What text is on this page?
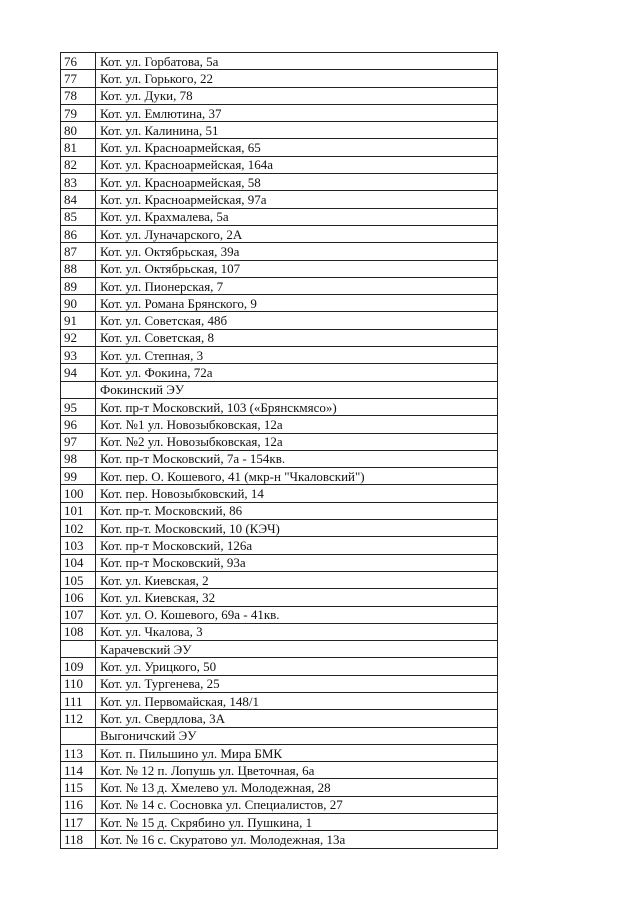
76	Кот. ул. Горбатова, 5а
77	Кот. ул. Горького, 22
78	Кот. ул. Дуки, 78
79	Кот. ул. Емлютина, 37
80	Кот. ул. Калинина, 51
81	Кот. ул. Красноармейская, 65
82	Кот. ул. Красноармейская, 164а
83	Кот. ул. Красноармейская, 58
84	Кот. ул. Красноармейская, 97а
85	Кот. ул. Крахмалева, 5а
86	Кот. ул. Луначарского, 2А
87	Кот. ул. Октябрьская, 39а
88	Кот. ул. Октябрьская, 107
89	Кот. ул. Пионерская, 7
90	Кот. ул. Романа Брянского, 9
91	Кот. ул. Советская, 48б
92	Кот. ул. Советская, 8
93	Кот. ул. Степная, 3
94	Кот. ул. Фокина, 72а
	Фокинский ЭУ
95	Кот. пр-т Московский, 103 («Брянскмясо»)
96	Кот. №1 ул. Новозыбковская, 12а
97	Кот. №2 ул. Новозыбковская, 12а
98	Кот. пр-т Московский, 7а - 154кв.
99	Кот. пер. О. Кошевого, 41 (мкр-н "Чкаловский")
100	Кот. пер. Новозыбковский, 14
101	Кот. пр-т. Московский, 86
102	Кот. пр-т. Московский, 10 (КЭЧ)
103	Кот. пр-т Московский, 126а
104	Кот. пр-т Московский, 93а
105	Кот. ул. Киевская, 2
106	Кот. ул. Киевская, 32
107	Кот. ул. О. Кошевого, 69а - 41кв.
108	Кот. ул. Чкалова, 3
	Карачевский ЭУ
109	Кот. ул. Урицкого, 50
110	Кот. ул. Тургенева, 25
111	Кот. ул. Первомайская, 148/1
112	Кот. ул. Свердлова, 3А
	Выгоничский ЭУ
113	Кот. п. Пильшино ул. Мира БМК
114	Кот. № 12 п. Лопушь ул. Цветочная, 6а
115	Кот. № 13 д. Хмелево ул. Молодежная, 28
116	Кот. № 14 с. Сосновка ул. Специалистов, 27
117	Кот. № 15 д. Скрябино ул. Пушкина, 1
118	Кот. № 16 с. Скуратово ул. Молодежная, 13а
